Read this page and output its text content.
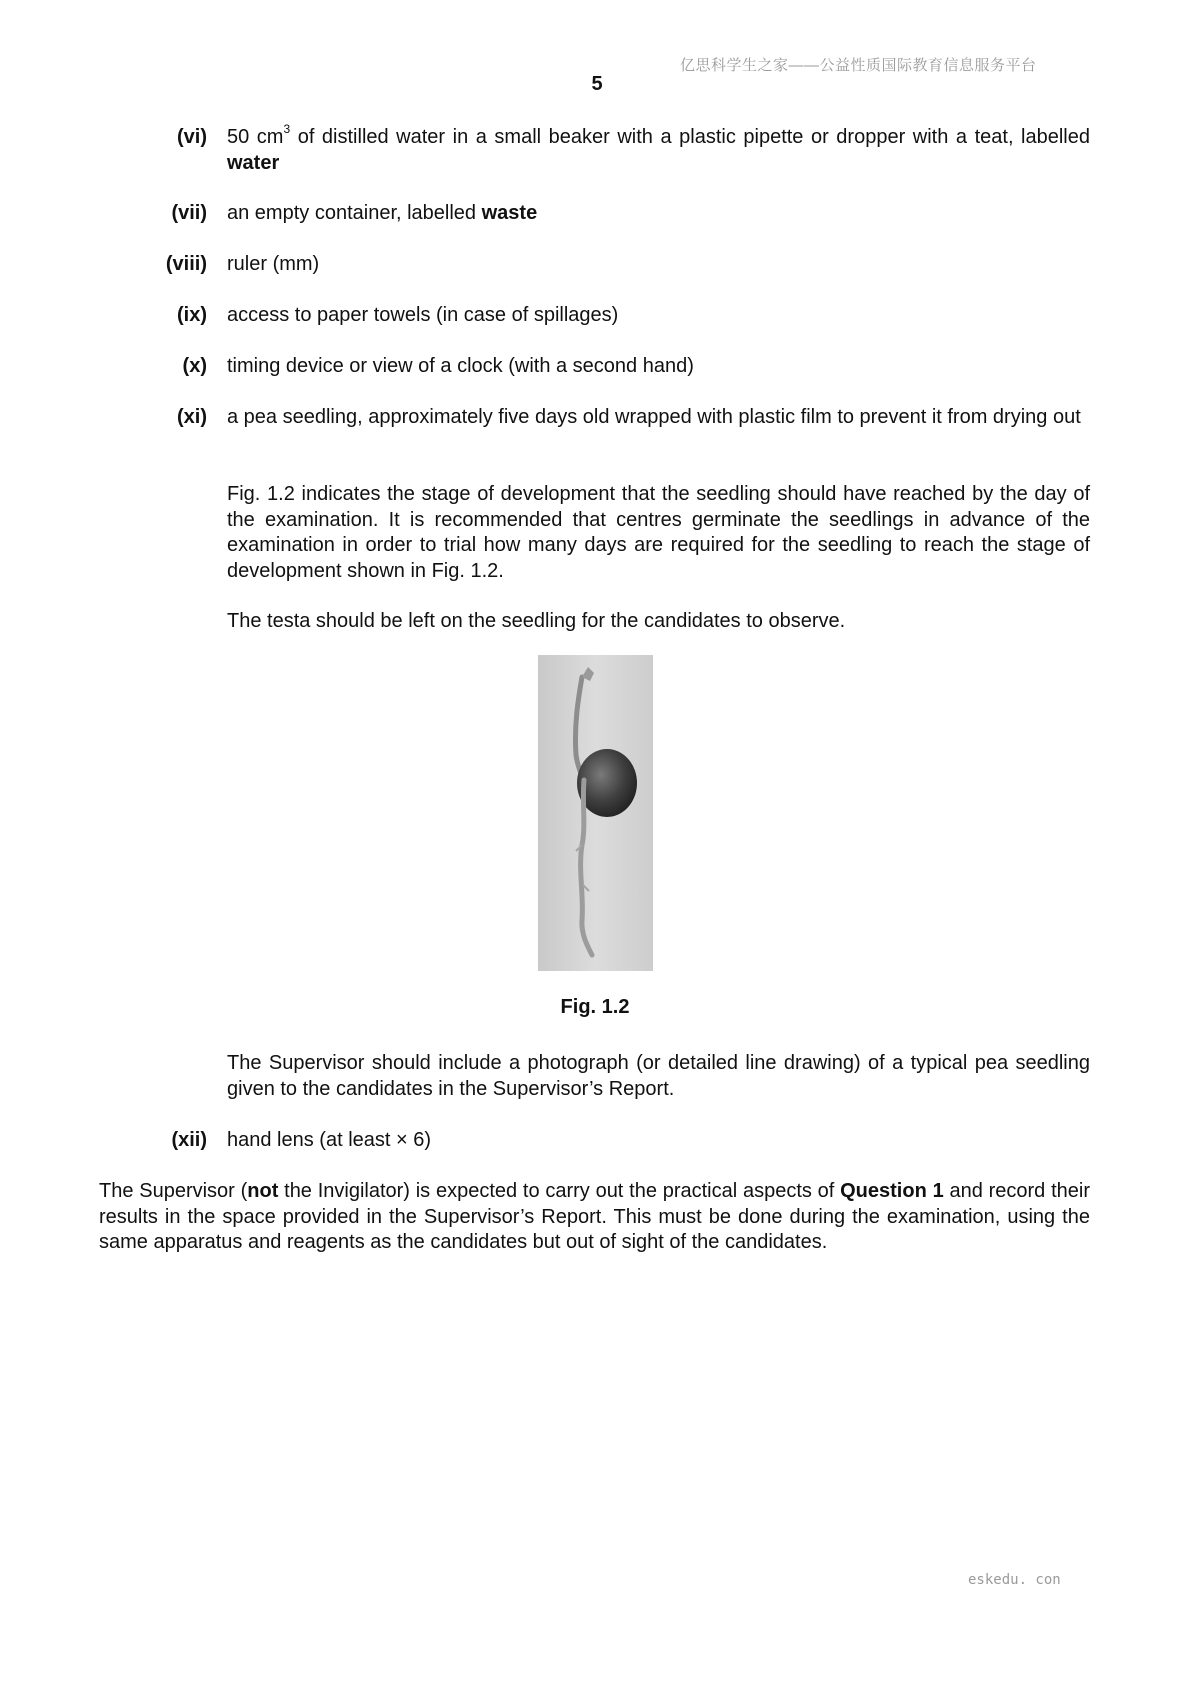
亿思科学生之家——公益性质国际教育信息服务平台
5
(vi) 50 $cm^3$ of distilled water in a small beaker with a plastic pipette or dropper with a teat, labelled water
(vii) an empty container, labelled waste
(viii) ruler (mm)
(ix) access to paper towels (in case of spillages)
(x) timing device or view of a clock (with a second hand)
(xi) a pea seedling, approximately five days old wrapped with plastic film to prevent it from drying out
Fig. 1.2 indicates the stage of development that the seedling should have reached by the day of the examination. It is recommended that centres germinate the seedlings in advance of the examination in order to trial how many days are required for the seedling to reach the stage of development shown in Fig. 1.2.
The testa should be left on the seedling for the candidates to observe.
Fig. 1.2
The Supervisor should include a photograph (or detailed line drawing) of a typical pea seedling given to the candidates in the Supervisor’s Report.
(xii) hand lens (at least × 6)
The Supervisor (not the Invigilator) is expected to carry out the practical aspects of Question 1 and record their results in the space provided in the Supervisor’s Report. This must be done during the examination, using the same apparatus and reagents as the candidates but out of sight of the candidates.
eskedu. con
